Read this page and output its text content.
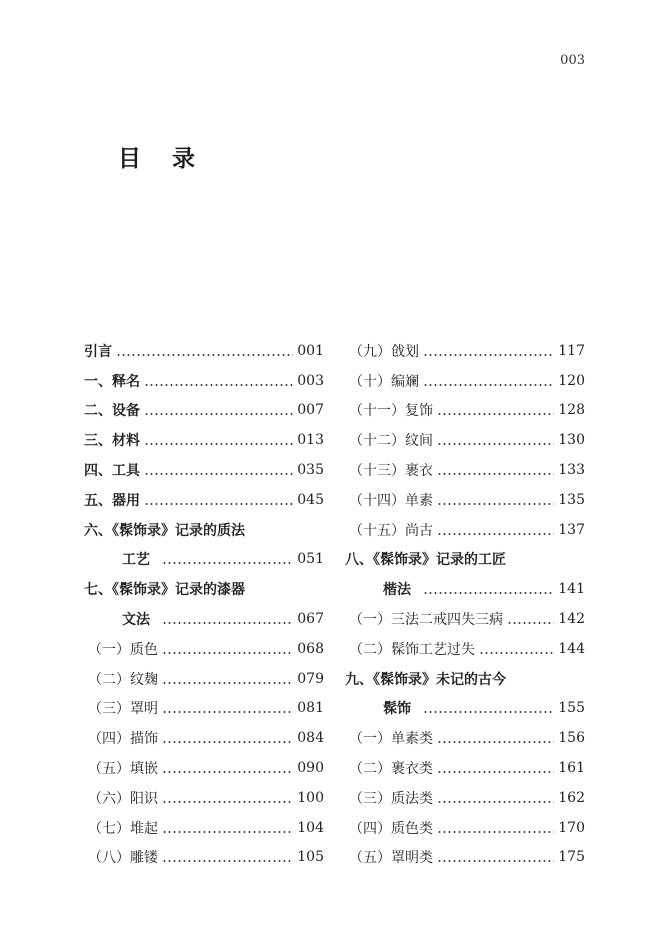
003
目 录
引言	001
一、释名	003
二、设备	007
三、材料	013
四、工具	035
五、器用	045
六、《髹饰录》记录的质法
工艺	051
七、《髹饰录》记录的漆器
文法	067
（一）质色	068
（二）纹麹	079
（三）罩明	081
（四）描饰	084
（五）填嵌	090
（六）阳识	100
（七）堆起	104
（八）雕镂	105
（九）戗划	117
（十）编斓	120
（十一）复饰	128
（十二）纹间	130
（十三）裹衣	133
（十四）单素	135
（十五）尚古	137
八、《髹饰录》记录的工匠
楷法	141
（一）三法二戒四失三病	142
（二）髹饰工艺过失	144
九、《髹饰录》未记的古今
髹饰	155
（一）单素类	156
（二）裹衣类	161
（三）质法类	162
（四）质色类	170
（五）罩明类	175
